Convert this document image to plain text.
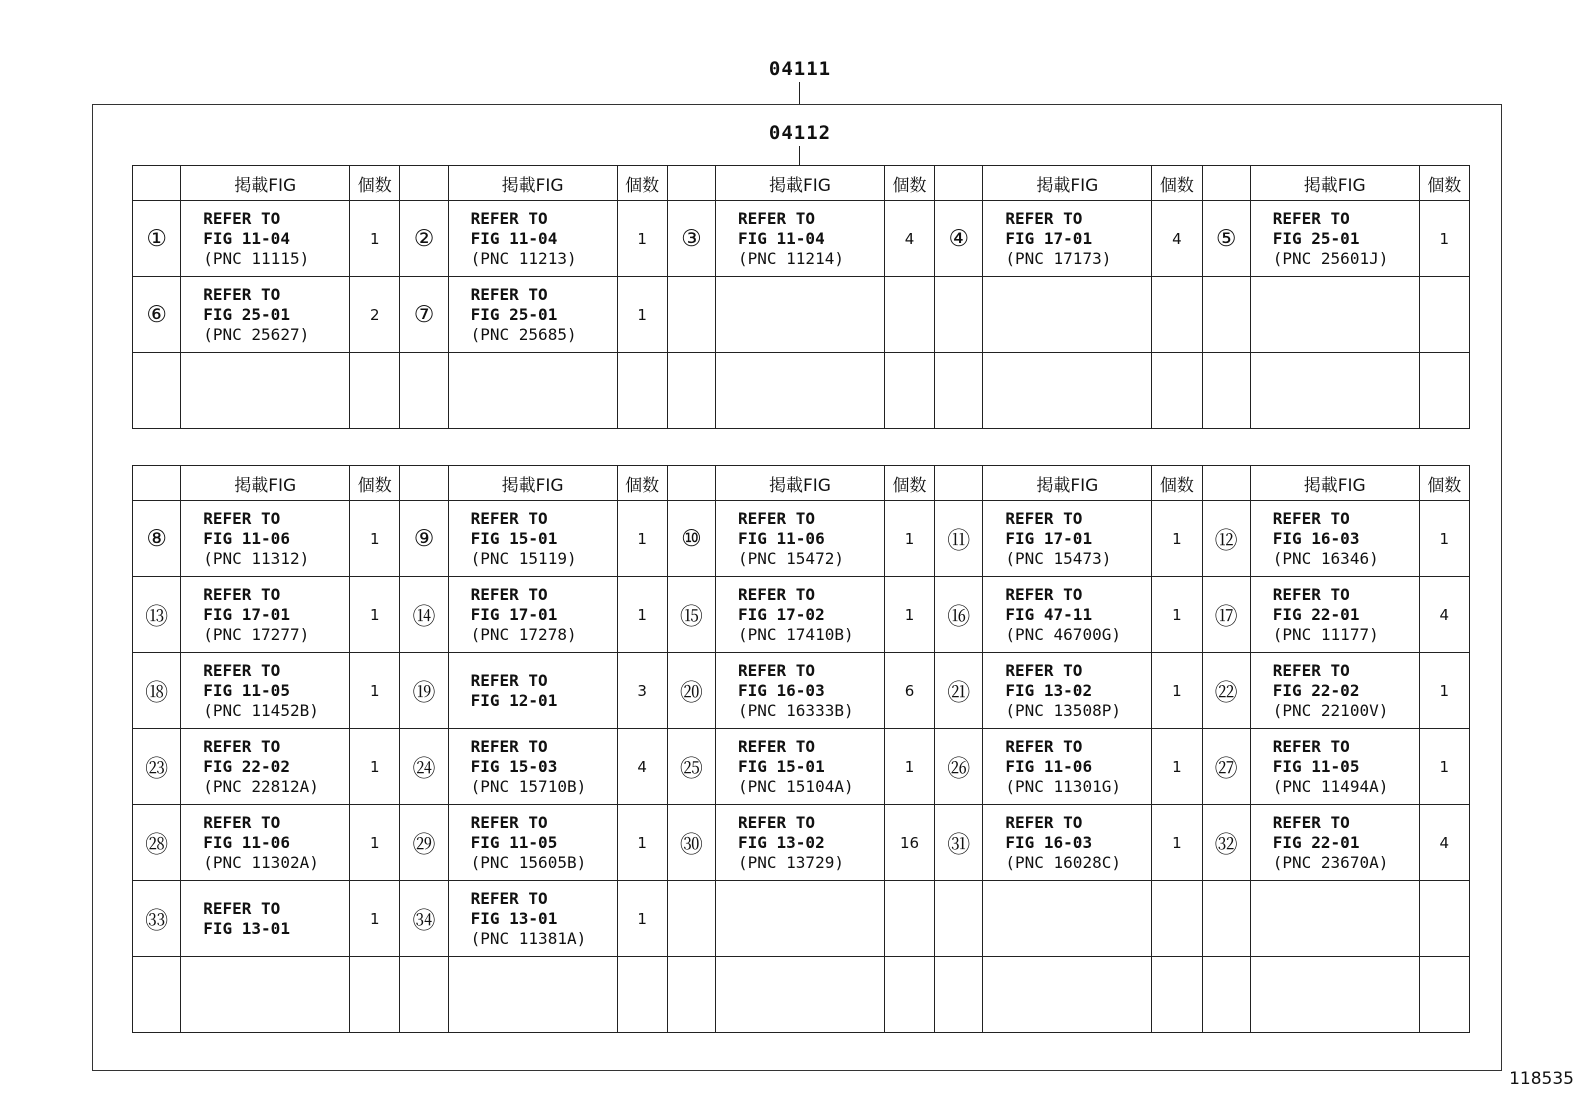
04111
04112
	掲載FIG	個数		掲載FIG	個数		掲載FIG	個数		掲載FIG	個数		掲載FIG	個数
①	REFER TO
FIG 11-04
(PNC 11115)	1	②	REFER TO
FIG 11-04
(PNC 11213)	1	③	REFER TO
FIG 11-04
(PNC 11214)	4	④	REFER TO
FIG 17-01
(PNC 17173)	4	⑤	REFER TO
FIG 25-01
(PNC 25601J)	1
⑥	REFER TO
FIG 25-01
(PNC 25627)	2	⑦	REFER TO
FIG 25-01
(PNC 25685)	1		

	掲載FIG	個数		掲載FIG	個数		掲載FIG	個数		掲載FIG	個数		掲載FIG	個数
⑧	REFER TO
FIG 11-06
(PNC 11312)	1	⑨	REFER TO
FIG 15-01
(PNC 15119)	1	⑩	REFER TO
FIG 11-06
(PNC 15472)	1	⑪	REFER TO
FIG 17-01
(PNC 15473)	1	⑫	REFER TO
FIG 16-03
(PNC 16346)	1
⑬	REFER TO
FIG 17-01
(PNC 17277)	1	⑭	REFER TO
FIG 17-01
(PNC 17278)	1	⑮	REFER TO
FIG 17-02
(PNC 17410B)	1	⑯	REFER TO
FIG 47-11
(PNC 46700G)	1	⑰	REFER TO
FIG 22-01
(PNC 11177)	4
⑱	REFER TO
FIG 11-05
(PNC 11452B)	1	⑲	REFER TO
FIG 12-01	3	⑳	REFER TO
FIG 16-03
(PNC 16333B)	6	㉑	REFER TO
FIG 13-02
(PNC 13508P)	1	㉒	REFER TO
FIG 22-02
(PNC 22100V)	1
㉓	REFER TO
FIG 22-02
(PNC 22812A)	1	㉔	REFER TO
FIG 15-03
(PNC 15710B)	4	㉕	REFER TO
FIG 15-01
(PNC 15104A)	1	㉖	REFER TO
FIG 11-06
(PNC 11301G)	1	㉗	REFER TO
FIG 11-05
(PNC 11494A)	1
㉘	REFER TO
FIG 11-06
(PNC 11302A)	1	㉙	REFER TO
FIG 11-05
(PNC 15605B)	1	㉚	REFER TO
FIG 13-02
(PNC 13729)	16	㉛	REFER TO
FIG 16-03
(PNC 16028C)	1	㉜	REFER TO
FIG 22-01
(PNC 23670A)	4
㉝	REFER TO
FIG 13-01	1	㉞	REFER TO
FIG 13-01
(PNC 11381A)	1		

118535
